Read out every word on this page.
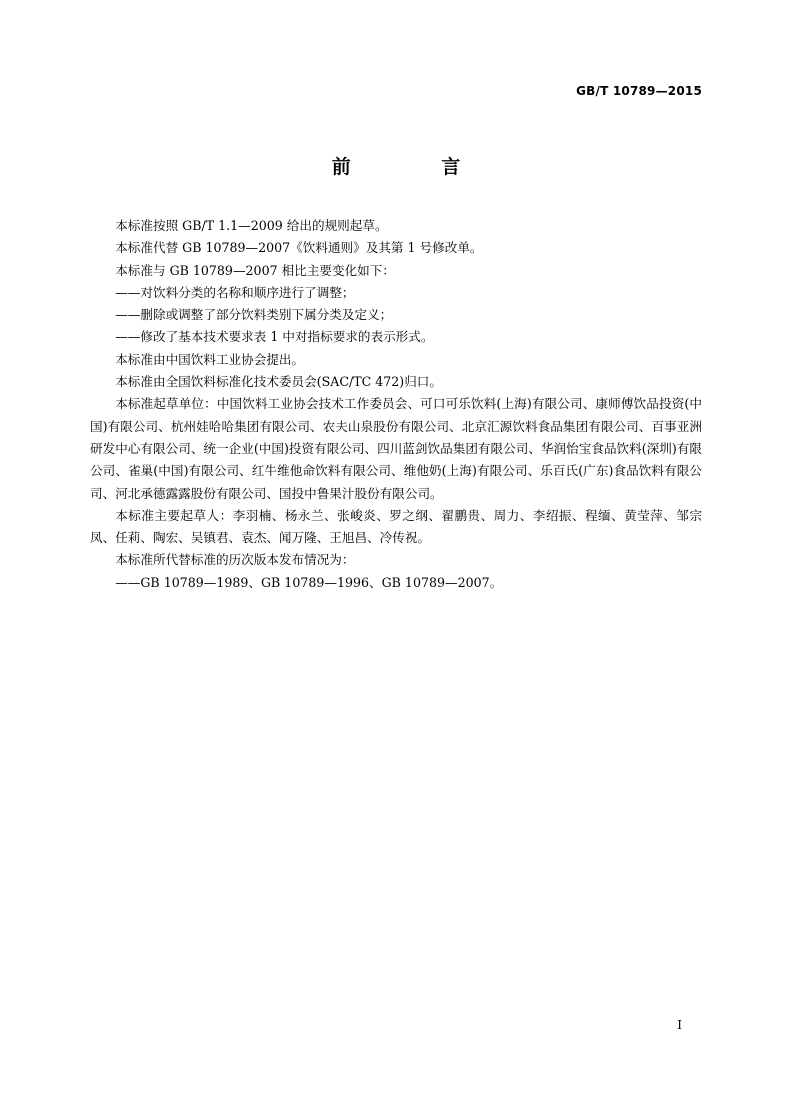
GB/T 10789—2015
前 言

本标准按照 GB/T 1.1—2009 给出的规则起草。

本标准代替 GB 10789—2007《饮料通则》及其第 1 号修改单。

本标准与 GB 10789—2007 相比主要变化如下：

——对饮料分类的名称和顺序进行了调整；

——删除或调整了部分饮料类别下属分类及定义；

——修改了基本技术要求表 1 中对指标要求的表示形式。

本标准由中国饮料工业协会提出。

本标准由全国饮料标准化技术委员会(SAC/TC 472)归口。

本标准起草单位：中国饮料工业协会技术工作委员会、可口可乐饮料(上海)有限公司、康师傅饮品投资(中国)有限公司、杭州娃哈哈集团有限公司、农夫山泉股份有限公司、北京汇源饮料食品集团有限公司、百事亚洲研发中心有限公司、统一企业(中国)投资有限公司、四川蓝剑饮品集团有限公司、华润怡宝食品饮料(深圳)有限公司、雀巢(中国)有限公司、红牛维他命饮料有限公司、维他奶(上海)有限公司、乐百氏(广东)食品饮料有限公司、河北承德露露股份有限公司、国投中鲁果汁股份有限公司。

本标准主要起草人：李羽楠、杨永兰、张峻炎、罗之纲、翟鹏贵、周力、李绍振、程缅、黄莹萍、邹宗凤、任莉、陶宏、吴镇君、袁杰、闻万隆、王旭昌、冷传祝。

本标准所代替标准的历次版本发布情况为：

——GB 10789—1989、GB 10789—1996、GB 10789—2007。

I
